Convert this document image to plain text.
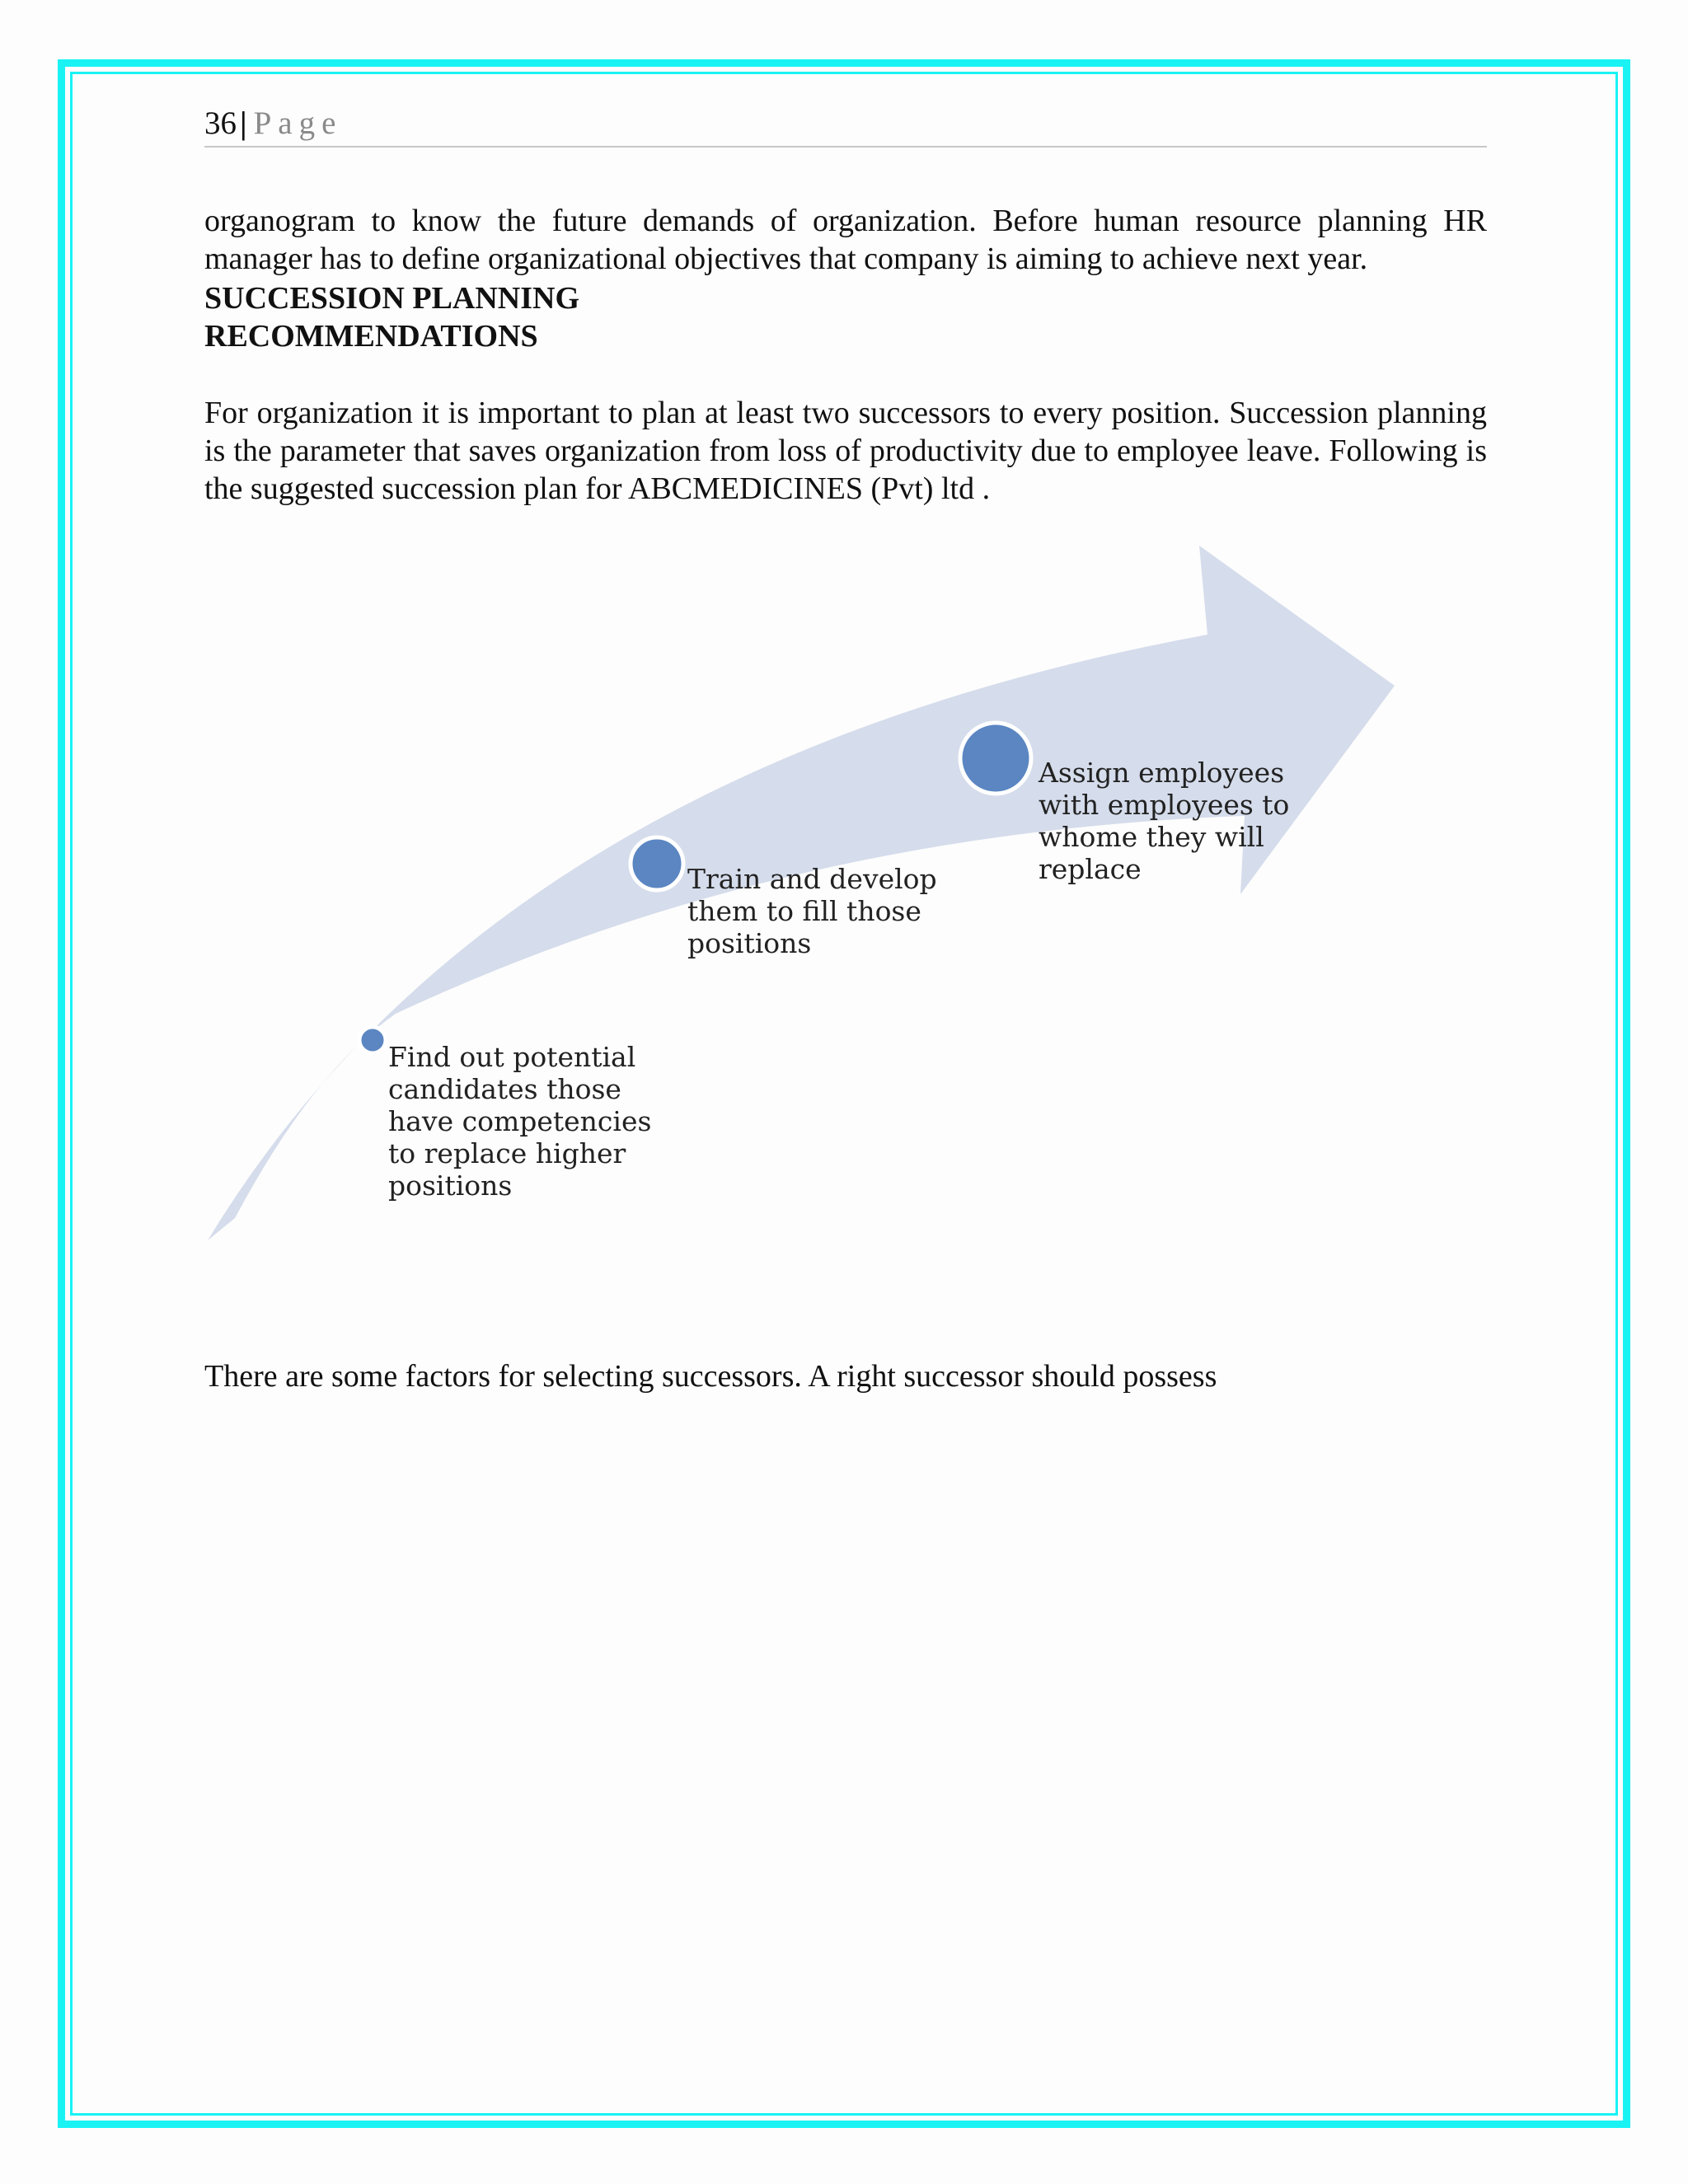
36 | Page

organogram to know the future demands of organization. Before human resource planning HR manager has to define organizational objectives that company is aiming to achieve next year.

SUCCESSION PLANNING

RECOMMENDATIONS

For organization it is important to plan at least two successors to every position. Succession planning is the parameter that saves organization from loss of productivity due to employee leave. Following is the suggested succession plan for ABCMEDICINES (Pvt) ltd .

Find out potential candidates those have competencies to replace higher positions
Train and develop them to fill those positions
Assign employees with employees to whome they will replace

There are some factors for selecting successors. A right successor should possess
